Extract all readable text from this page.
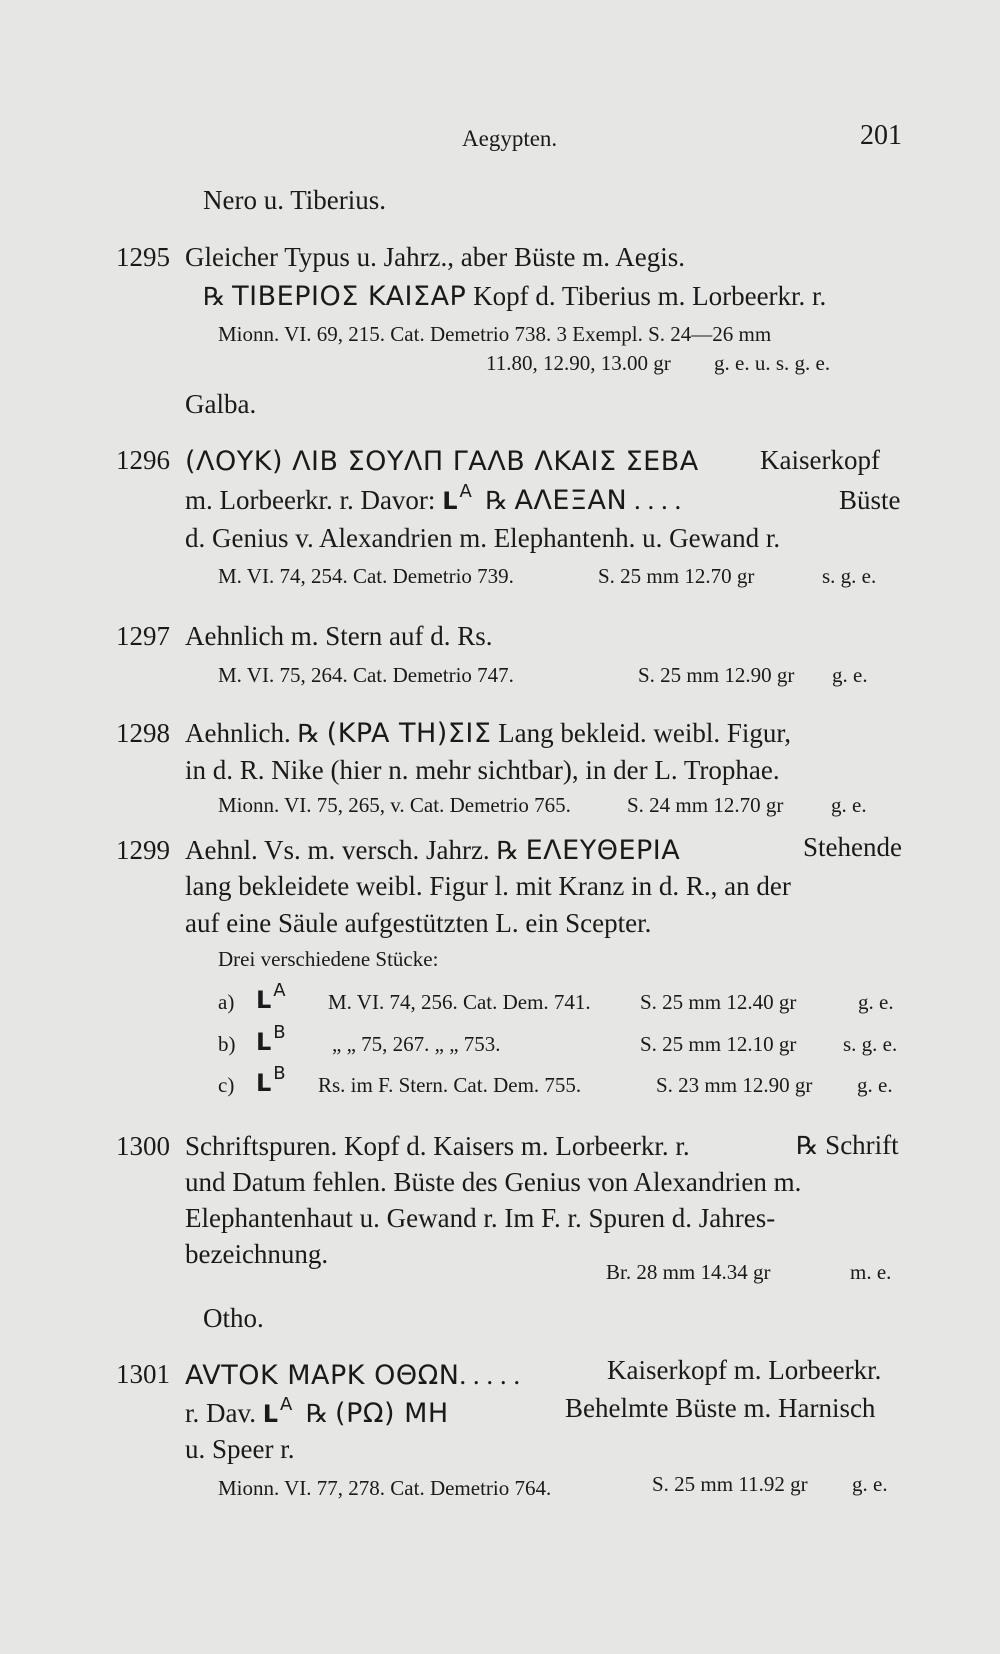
Aegypten.	201
Nero u. Tiberius.
1295 Gleicher Typus u. Jahrz., aber Büste m. Aegis.
℞ TIBEPIOΣ KAIΣAP Kopf d. Tiberius m. Lorbeerkr. r.
Mionn. VI. 69, 215. Cat. Demetrio 738. 3 Exempl. S. 24—26 mm
11.80, 12.90, 13.00 gr g. e. u. s. g. e.
Galba.
1296 (ΛΟΥΚ) ΛΙΒ ΣΟΥΛΠ ΓΑΛΒ ΛΚΑΙΣ ΣΕΒΑ Kaiserkopf
m. Lorbeerkr. r. Davor: L $^A$ ℞ ΑΛΕΞΑΝ . . . .	Büste
d. Genius v. Alexandrien m. Elephantenh. u. Gewand r.
M. VI. 74, 254. Cat. Demetrio 739.	S. 25 mm 12.70 gr	s. g. e.
1297 Aehnlich m. Stern auf d. Rs.
M. VI. 75, 264. Cat. Demetrio 747.	S. 25 mm 12.90 gr g. e.
1298 Aehnlich. ℞ (KPA TH)ΣIΣ Lang bekleid. weibl. Figur,
in d. R. Nike (hier n. mehr sichtbar), in der L. Trophae.
Mionn. VI. 75, 265, v. Cat. Demetrio 765.	S. 24 mm 12.70 gr g. e.
1299 Aehnl. Vs. m. versch. Jahrz. ℞ EΛEYΘEPIA	Stehende
lang bekleidete weibl. Figur l. mit Kranz in d. R., an der
auf eine Säule aufgestützten L. ein Scepter.
Drei verschiedene Stücke:
a) L $^A$ M. VI. 74, 256. Cat. Dem. 741. S. 25 mm 12.40 gr	g. e.
b) L $^B$ „ „ 75, 267. „ „ 753.	S. 25 mm 12.10 gr s. g. e.
c) L $^B$ Rs. im F. Stern. Cat. Dem. 755.	S. 23 mm 12.90 gr g. e.
1300 Schriftspuren. Kopf d. Kaisers m. Lorbeerkr. r.	℞ Schrift
und Datum fehlen. Büste des Genius von Alexandrien m.
Elephantenhaut u. Gewand r. Im F. r. Spuren d. Jahres-
bezeichnung.
Br. 28 mm 14.34 gr	m. e.
Otho.
1301 AVTOK MAPK OΘΩN. . . . .	Kaiserkopf m. Lorbeerkr.
r. Dav. L $^A$ ℞ (PΩ) MH	Behelmte Büste m. Harnisch
u. Speer r.
Mionn. VI. 77, 278. Cat. Demetrio 764.	S. 25 mm 11.92 gr g. e.
